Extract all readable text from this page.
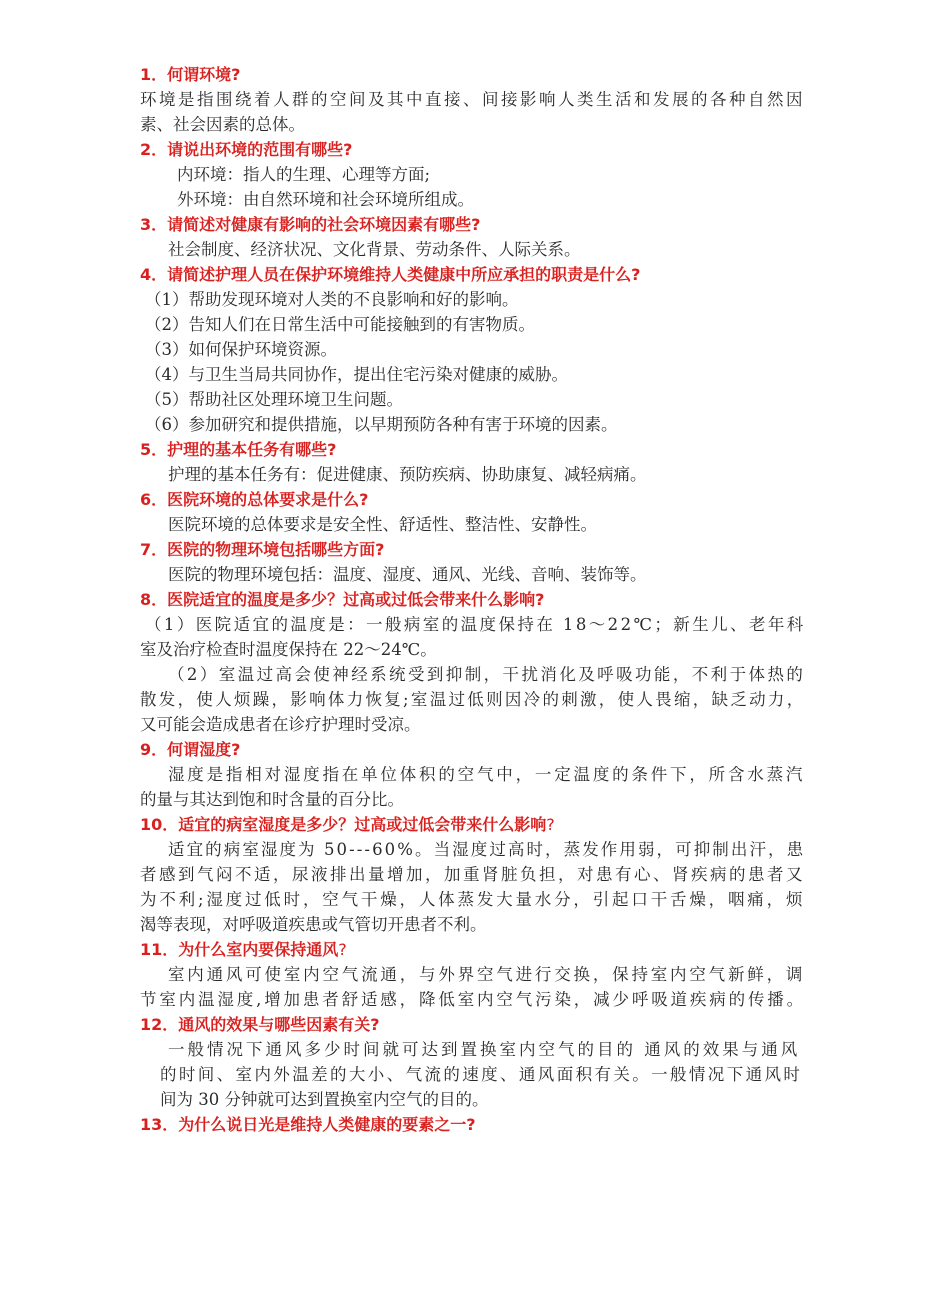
1．何谓环境?
环境是指围绕着人群的空间及其中直接、间接影响人类生活和发展的各种自然因
素、社会因素的总体。
2．请说出环境的范围有哪些?
内环境：指人的生理、心理等方面;
外环境：由自然环境和社会环境所组成。
3．请简述对健康有影响的社会环境因素有哪些?
社会制度、经济状况、文化背景、劳动条件、人际关系。
4．请简述护理人员在保护环境维持人类健康中所应承担的职责是什么?
（1）帮助发现环境对人类的不良影响和好的影响。
（2）告知人们在日常生活中可能接触到的有害物质。
（3）如何保护环境资源。
（4）与卫生当局共同协作，提出住宅污染对健康的威胁。
（5）帮助社区处理环境卫生问题。
（6）参加研究和提供措施，以早期预防各种有害于环境的因素。
5．护理的基本任务有哪些?
护理的基本任务有：促进健康、预防疾病、协助康复、减轻病痛。
6．医院环境的总体要求是什么?
医院环境的总体要求是安全性、舒适性、整洁性、安静性。
7．医院的物理环境包括哪些方面?
医院的物理环境包括：温度、湿度、通风、光线、音响、装饰等。
8．医院适宜的温度是多少？过高或过低会带来什么影响?
（1）医院适宜的温度是：一般病室的温度保持在 18～22℃；新生儿、老年科
室及治疗检查时温度保持在 22～24℃。
（2）室温过高会使神经系统受到抑制，干扰消化及呼吸功能，不利于体热的
散发，使人烦躁，影响体力恢复;室温过低则因冷的刺激，使人畏缩，缺乏动力，
又可能会造成患者在诊疗护理时受凉。
9．何谓湿度?
湿度是指相对湿度指在单位体积的空气中，一定温度的条件下，所含水蒸汽
的量与其达到饱和时含量的百分比。
10．适宜的病室湿度是多少？过高或过低会带来什么影响?
适宜的病室湿度为 50---60%。当湿度过高时，蒸发作用弱，可抑制出汗，患
者感到气闷不适，尿液排出量增加，加重肾脏负担，对患有心、肾疾病的患者又
为不利;湿度过低时，空气干燥，人体蒸发大量水分，引起口干舌燥，咽痛，烦
渴等表现，对呼吸道疾患或气管切开患者不利。
11．为什么室内要保持通风?
室内通风可使室内空气流通，与外界空气进行交换，保持室内空气新鲜，调
节室内温湿度,增加患者舒适感，降低室内空气污染，减少呼吸道疾病的传播。
12．通风的效果与哪些因素有关?
一般情况下通风多少时间就可达到置换室内空气的目的 通风的效果与通风
的时间、室内外温差的大小、气流的速度、通风面积有关。一般情况下通风时
间为 30 分钟就可达到置换室内空气的目的。
13．为什么说日光是维持人类健康的要素之一?
